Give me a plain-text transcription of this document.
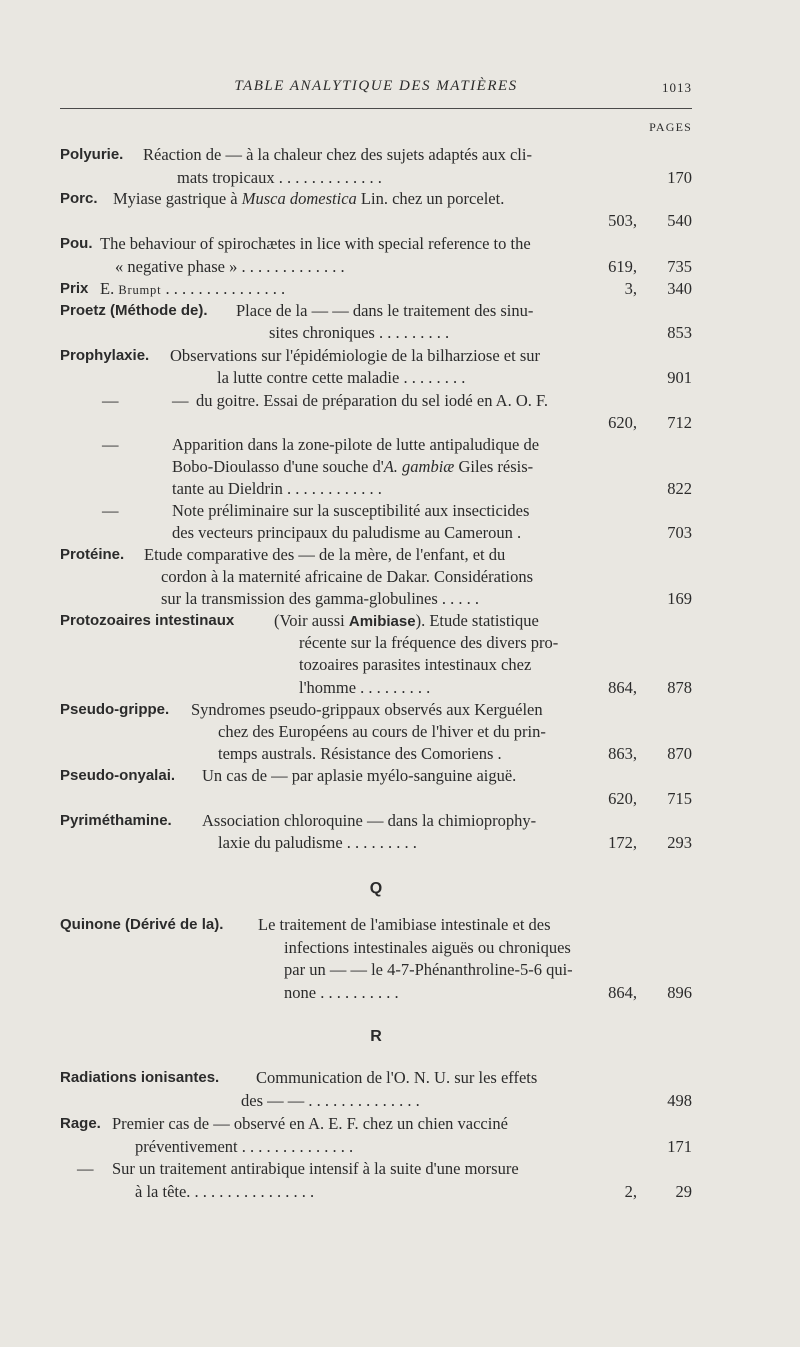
TABLE ANALYTIQUE DES MATIÈRES	1013
PAGES
Polyurie. Réaction de — à la chaleur chez des sujets adaptés aux cli-
mats tropicaux . . . . . . . . . . . . .	170
Porc. Myiase gastrique à Musca domestica Lin. chez un porcelet.
503, 540
Pou. The behaviour of spirochætes in lice with special reference to the
« negative phase » . . . . . . . . . . . . .	619, 735
Prix E. Brumpt . . . . . . . . . . . . . . .	3, 340
Proetz (Méthode de). Place de la — — dans le traitement des sinu-
sites chroniques . . . . . . . . .	853
Prophylaxie. Observations sur l'épidémiologie de la bilharziose et sur
la lutte contre cette maladie . . . . . . . .	901
—	— du goitre. Essai de préparation du sel iodé en A. O. F.
620, 712
—	Apparition dans la zone-pilote de lutte antipaludique de
Bobo-Dioulasso d'une souche d'A. gambiæ Giles résis-
tante au Dieldrin . . . . . . . . . . . .	822
—	Note préliminaire sur la susceptibilité aux insecticides
des vecteurs principaux du paludisme au Cameroun .	703
Protéine. Etude comparative des — de la mère, de l'enfant, et du
cordon à la maternité africaine de Dakar. Considérations
sur la transmission des gamma-globulines . . . . .	169
Protozoaires intestinaux (Voir aussi Amibiase). Etude statistique
récente sur la fréquence des divers pro-
tozoaires parasites intestinaux chez
l'homme . . . . . . . . .	864, 878
Pseudo-grippe. Syndromes pseudo-grippaux observés aux Kerguélen
chez des Européens au cours de l'hiver et du prin-
temps australs. Résistance des Comoriens .	863, 870
Pseudo-onyalai. Un cas de — par aplasie myélo-sanguine aiguë.
620, 715
Pyriméthamine. Association chloroquine — dans la chimioprophy-
laxie du paludisme . . . . . . . . .	172, 293
Q
Quinone (Dérivé de la). Le traitement de l'amibiase intestinale et des
infections intestinales aiguës ou chroniques
par un — — le 4-7-Phénanthroline-5-6 qui-
none . . . . . . . . . .	864, 896
R
Radiations ionisantes. Communication de l'O. N. U. sur les effets
des — — . . . . . . . . . . . . . .	498
Rage. Premier cas de — observé en A. E. F. chez un chien vacciné
préventivement . . . . . . . . . . . . . .	171
— Sur un traitement antirabique intensif à la suite d'une morsure
à la tête. . . . . . . . . . . . . . . .	2, 29
